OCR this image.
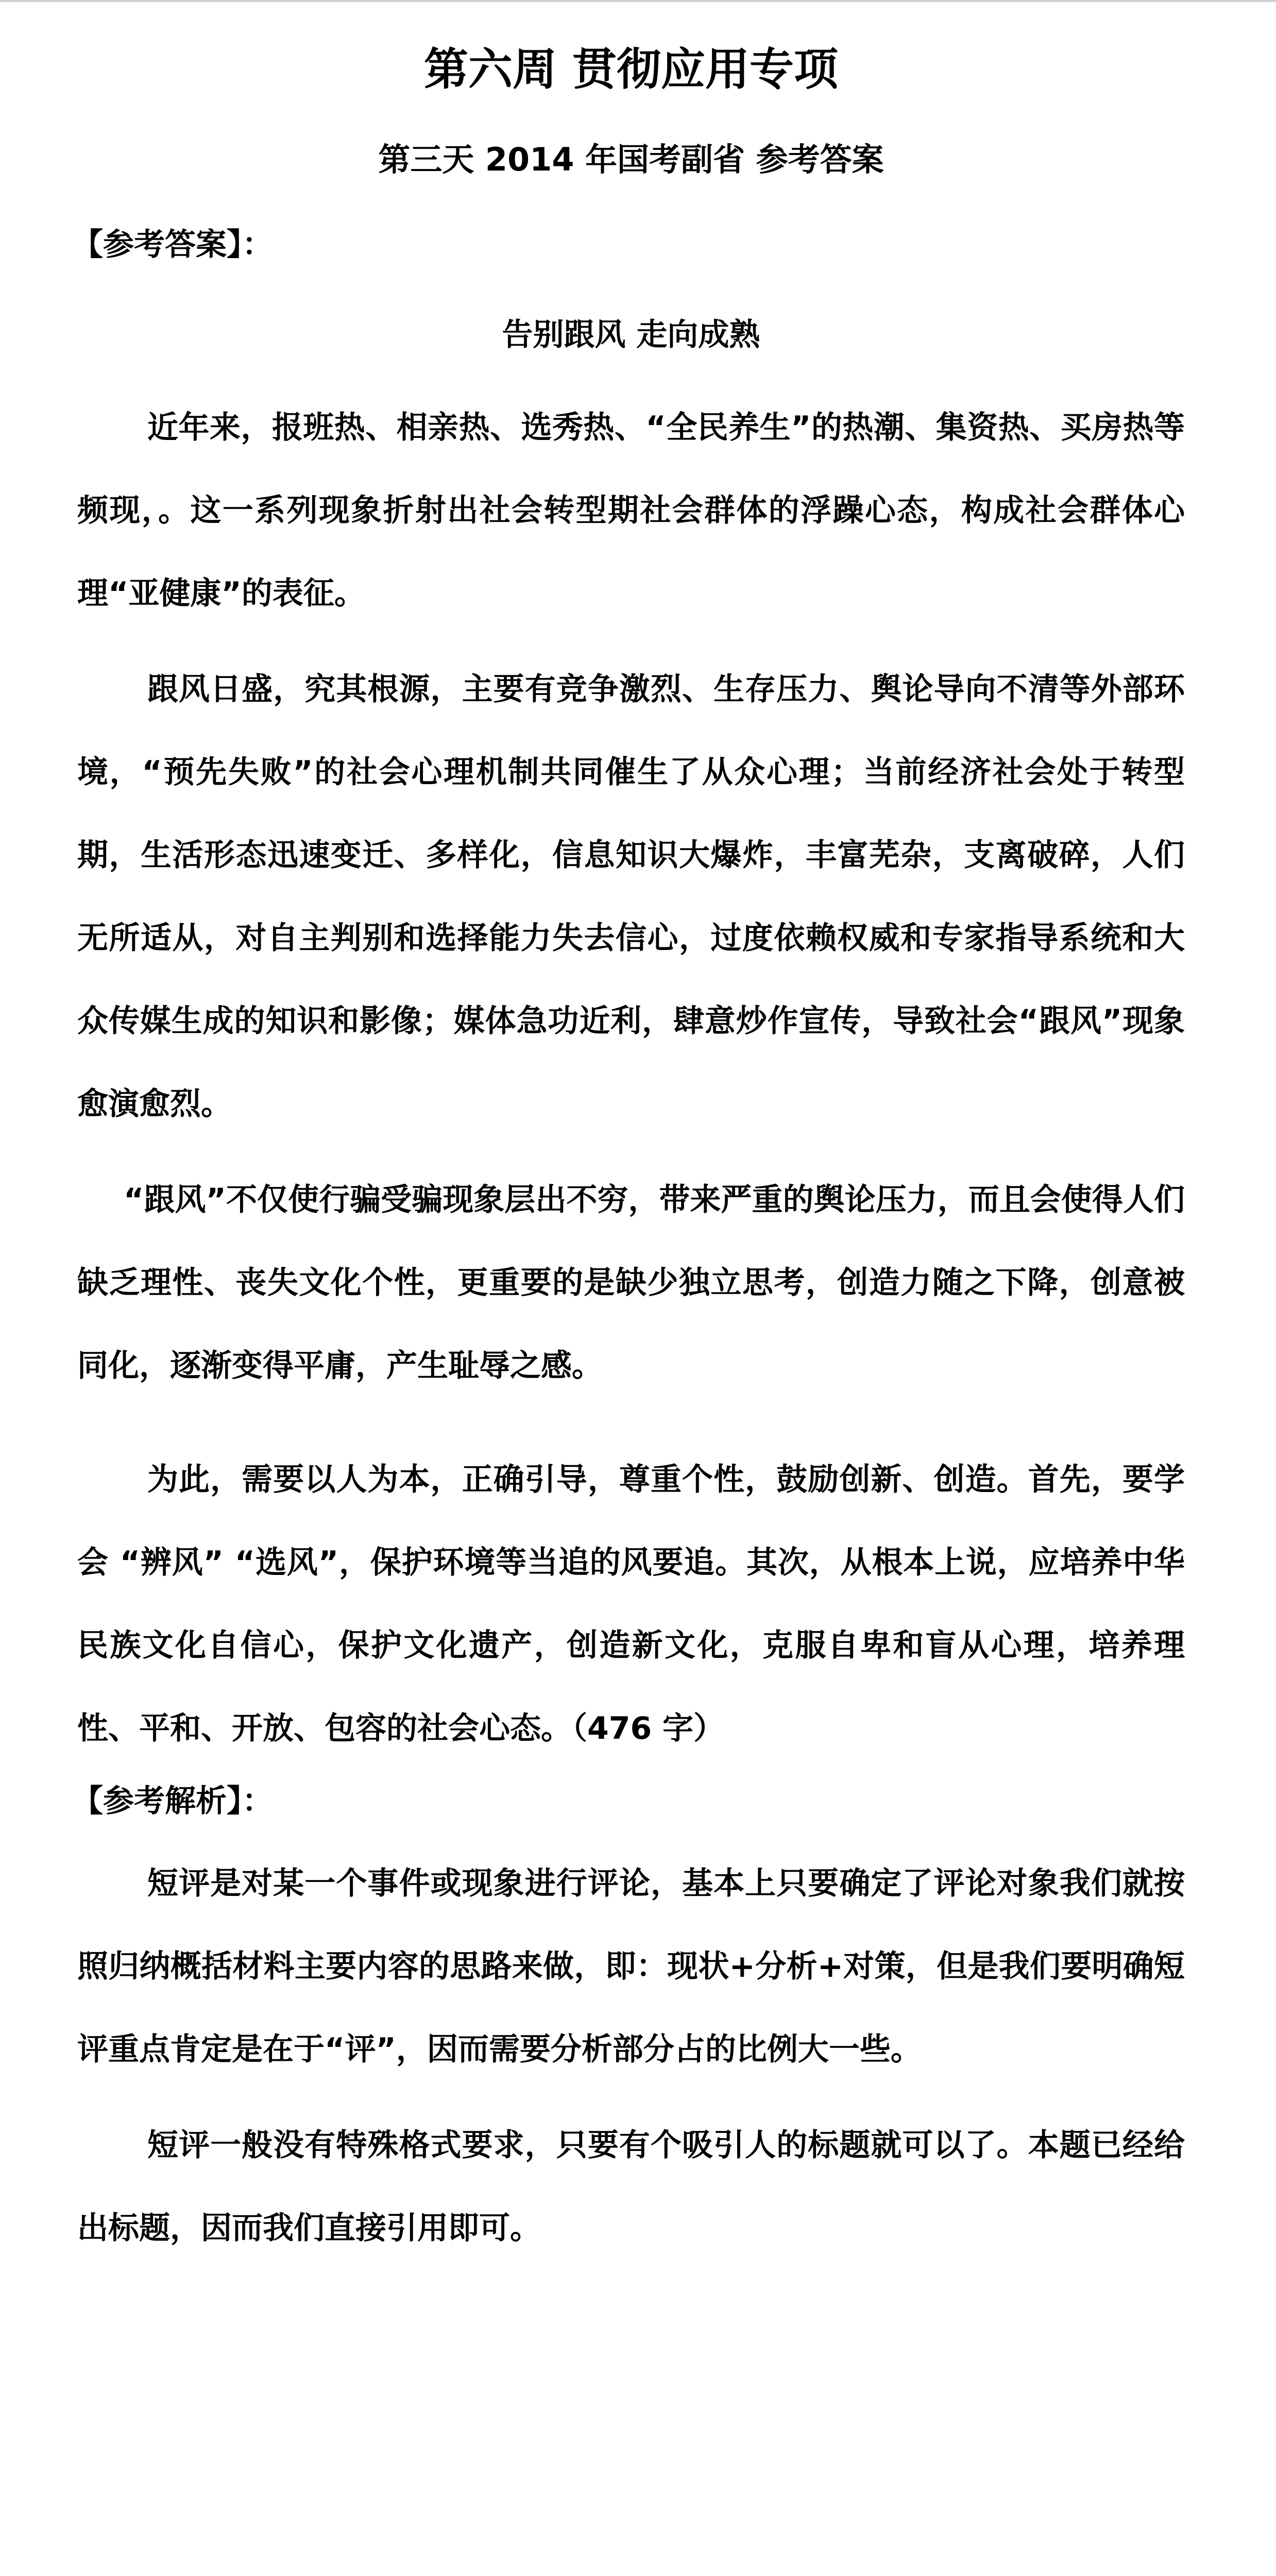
第六周 贯彻应用专项
第三天 2014 年国考副省 参考答案
【参考答案】：
告别跟风 走向成熟

近年来，报班热、相亲热、选秀热、“全民养生”的热潮、集资热、买房热等频现，。这一系列现象折射出社会转型期社会群体的浮躁心态，构成社会群体心理“亚健康”的表征。

跟风日盛，究其根源，主要有竞争激烈、生存压力、舆论导向不清等外部环境，“预先失败”的社会心理机制共同催生了从众心理；当前经济社会处于转型期，生活形态迅速变迁、多样化，信息知识大爆炸，丰富芜杂，支离破碎，人们无所适从，对自主判别和选择能力失去信心，过度依赖权威和专家指导系统和大众传媒生成的知识和影像；媒体急功近利，肆意炒作宣传，导致社会“跟风”现象愈演愈烈。

“跟风”不仅使行骗受骗现象层出不穷，带来严重的舆论压力，而且会使得人们缺乏理性、丧失文化个性，更重要的是缺少独立思考，创造力随之下降，创意被同化，逐渐变得平庸，产生耻辱之感。

为此，需要以人为本，正确引导，尊重个性，鼓励创新、创造。首先，要学会 “辨风” “选风”，保护环境等当追的风要追。其次，从根本上说，应培养中华民族文化自信心，保护文化遗产，创造新文化，克服自卑和盲从心理，培养理性、平和、开放、包容的社会心态。（476 字）

【参考解析】：

短评是对某一个事件或现象进行评论，基本上只要确定了评论对象我们就按照归纳概括材料主要内容的思路来做，即：现状+分析+对策，但是我们要明确短评重点肯定是在于“评”，因而需要分析部分占的比例大一些。

短评一般没有特殊格式要求，只要有个吸引人的标题就可以了。本题已经给出标题，因而我们直接引用即可。
